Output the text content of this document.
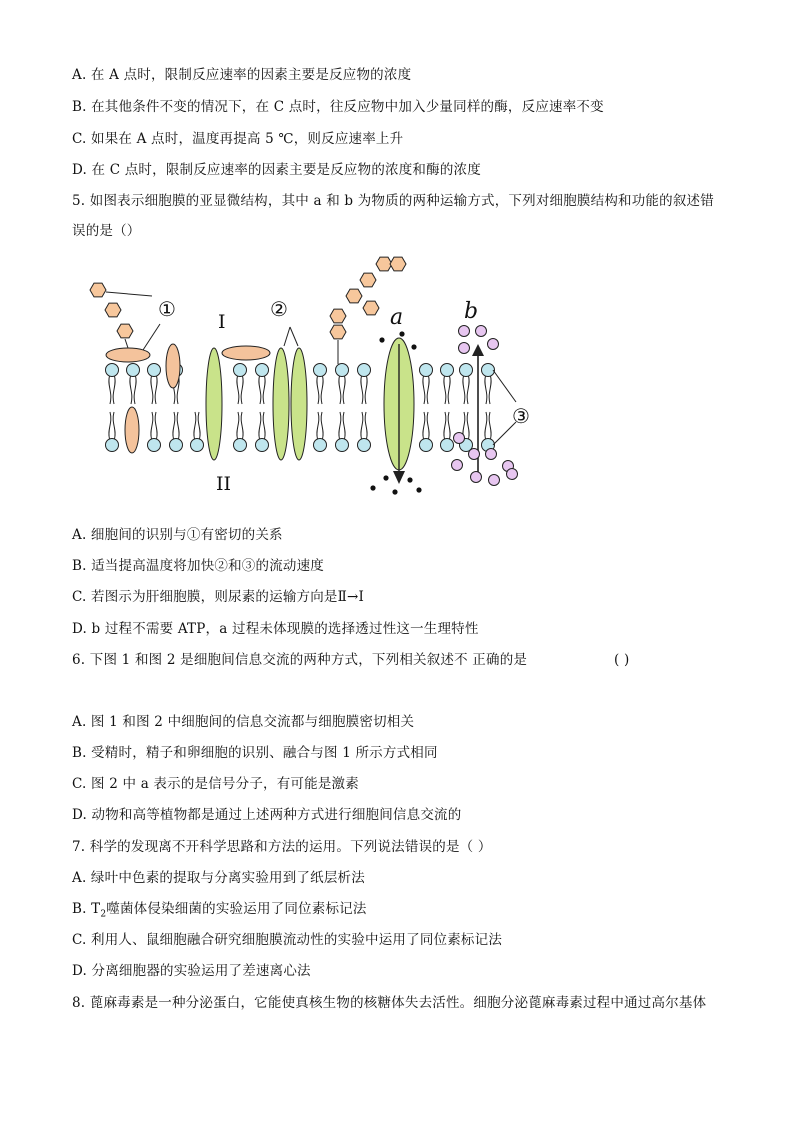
A. 在 A 点时，限制反应速率的因素主要是反应物的浓度
B. 在其他条件不变的情况下，在 C 点时，往反应物中加入少量同样的酶，反应速率不变
C. 如果在 A 点时，温度再提高 5 ℃，则反应速率上升
D. 在 C 点时，限制反应速率的因素主要是反应物的浓度和酶的浓度
5. 如图表示细胞膜的亚显微结构，其中 a 和 b 为物质的两种运输方式，下列对细胞膜结构和功能的叙述错
误的是（）
①	②
③
I
II
a	b
A. 细胞间的识别与①有密切的关系
B. 适当提高温度将加快②和③的流动速度
C. 若图示为肝细胞膜，则尿素的运输方向是Ⅱ→Ⅰ
D. b 过程不需要 ATP，a 过程未体现膜的选择透过性这一生理特性
6. 下图 1 和图 2 是细胞间信息交流的两种方式，下列相关叙述不 正确的是	( )
A. 图 1 和图 2 中细胞间的信息交流都与细胞膜密切相关
B. 受精时，精子和卵细胞的识别、融合与图 1 所示方式相同
C. 图 2 中 a 表示的是信号分子，有可能是激素
D. 动物和高等植物都是通过上述两种方式进行细胞间信息交流的
7. 科学的发现离不开科学思路和方法的运用。下列说法错误的是（ ）
A. 绿叶中色素的提取与分离实验用到了纸层析法
B. $T_2$噬菌体侵染细菌的实验运用了同位素标记法
C. 利用人、鼠细胞融合研究细胞膜流动性的实验中运用了同位素标记法
D. 分离细胞器的实验运用了差速离心法
8. 蓖麻毒素是一种分泌蛋白，它能使真核生物的核糖体失去活性。细胞分泌蓖麻毒素过程中通过高尔基体
